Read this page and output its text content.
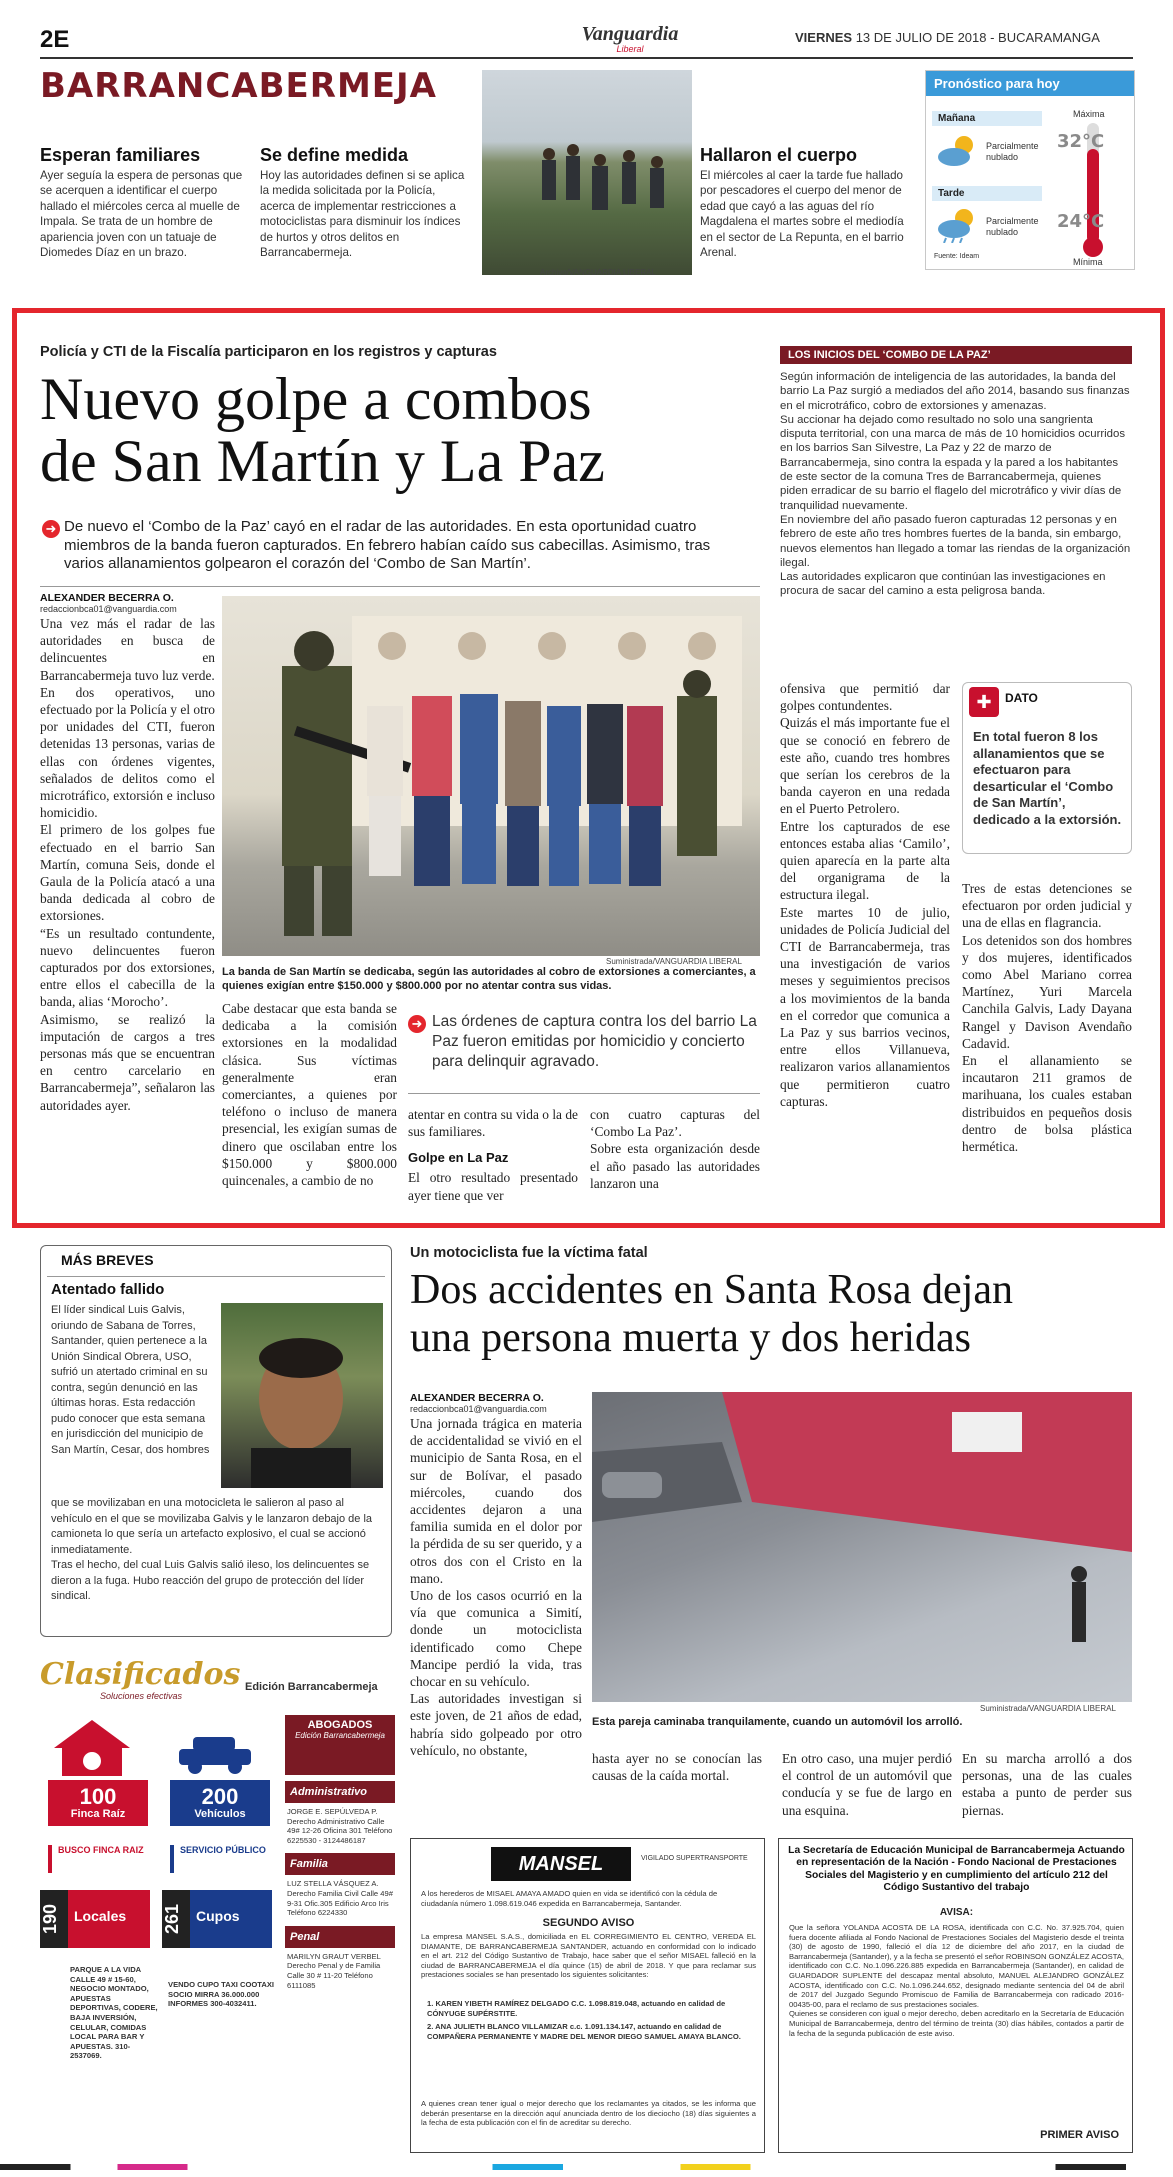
2E	Vanguardia
Liberal
VIERNES 13 DE JULIO DE 2018 - BUCARAMANGA
BARRANCABERMEJA	Pronóstico para hoy
Mañana
Parcialmente nublado
Tarde
Parcialmente nublado
Fuente: Ideam
Máxima
32°C
24°C
Mínima
Esperan familiares

Ayer seguía la espera de personas que se acerquen a identificar el cuerpo hallado el miércoles cerca al muelle de Impala. Se trata de un hombre de apariencia joven con un tatuaje de Diomedes Díaz en un brazo.

Se define medida

Hoy las autoridades definen si se aplica la medida solicitada por la Policía, acerca de implementar restricciones a motociclistas para disminuir los índices de hurtos y otros delitos en Barrancabermeja.

Archivo/VANGUARDIA LIBERAL
Hallaron el cuerpo

El miércoles al caer la tarde fue hallado por pescadores el cuerpo del menor de edad que cayó a las aguas del río Magdalena el martes sobre el mediodía en el sector de La Repunta, en el barrio Arenal.

Policía y CTI de la Fiscalía participaron en los registros y capturas
Nuevo golpe a combos
de San Martín y La Paz
➜ De nuevo el ‘Combo de la Paz’ cayó en el radar de las autoridades. En esta oportunidad cuatro miembros de la banda fueron capturados. En febrero habían caído sus cabecillas. Asimismo, tras varios allanamientos golpearon el corazón del ‘Combo de San Martín’.

ALEXANDER BECERRA O.
redaccionbca01@vanguardia.com

Una vez más el radar de las autoridades en busca de delincuentes en Barrancabermeja tuvo luz verde.
En dos operativos, uno efectuado por la Policía y el otro por unidades del CTI, fueron detenidas 13 personas, varias de ellas con órdenes vigentes, señalados de delitos como el microtráfico, extorsión e incluso homicidio.
El primero de los golpes fue efectuado en el barrio San Martín, comuna Seis, donde el Gaula de la Policía atacó a una banda dedicada al cobro de extorsiones.
“Es un resultado contundente, nuevo delincuentes fueron capturados por dos extorsiones, entre ellos el cabecilla de la banda, alias ‘Morocho’.
Asimismo, se realizó la imputación de cargos a tres personas más que se encuentran en centro carcelario en Barrancabermeja”, señalaron las autoridades ayer.

Suministrada/VANGUARDIA LIBERAL

La banda de San Martín se dedicaba, según las autoridades al cobro de extorsiones a comerciantes, a quienes exigían entre $150.000 y $800.000 por no atentar contra sus vidas.

Cabe destacar que esta banda se dedicaba a la comisión extorsiones en la modalidad clásica. Sus víctimas generalmente eran comerciantes, a quienes por teléfono o incluso de manera presencial, les exigían sumas de dinero que oscilaban entre los $150.000 y $800.000 quincenales, a cambio de no

➜ Las órdenes de captura contra los del barrio La Paz fueron emitidas por homicidio y concierto para delinquir agravado.

atentar en contra su vida o la de sus familiares.

Golpe en La Paz

El otro resultado presentado ayer tiene que ver

con cuatro capturas del ‘Combo La Paz’.
Sobre esta organización desde el año pasado las autoridades lanzaron una

ofensiva que permitió dar golpes contundentes.
Quizás el más importante fue el que se conoció en febrero de este año, cuando tres hombres que serían los cerebros de la banda cayeron en una redada en el Puerto Petrolero.
Entre los capturados de ese entonces estaba alias ‘Camilo’, quien aparecía en la parte alta del organigrama de la estructura ilegal.
Este martes 10 de julio, unidades de Policía Judicial del CTI de Barrancabermeja, tras una investigación de varios meses y seguimientos precisos a los movimientos de la banda en el corredor que comunica a La Paz y sus barrios vecinos, entre ellos Villanueva, realizaron varios allanamientos que permitieron cuatro capturas.

LOS INICIOS DEL ‘COMBO DE LA PAZ’

Según información de inteligencia de las autoridades, la banda del barrio La Paz surgió a mediados del año 2014, basando sus finanzas en el microtráfico, cobro de extorsiones y amenazas.
Su accionar ha dejado como resultado no solo una sangrienta disputa territorial, con una marca de más de 10 homicidios ocurridos en los barrios San Silvestre, La Paz y 22 de marzo de Barrancabermeja, sino contra la espada y la pared a los habitantes de este sector de la comuna Tres de Barrancabermeja, quienes piden erradicar de su barrio el flagelo del microtráfico y vivir días de tranquilidad nuevamente.
En noviembre del año pasado fueron capturadas 12 personas y en febrero de este año tres hombres fuertes de la banda, sin embargo, nuevos elementos han llegado a tomar las riendas de la organización ilegal.
Las autoridades explicaron que continúan las investigaciones en procura de sacar del camino a esta peligrosa banda.

✚	DATO

En total fueron 8 los allanamientos que se efectuaron para desarticular el ‘Combo de San Martín’, dedicado a la extorsión.

Tres de estas detenciones se efectuaron por orden judicial y una de ellas en flagrancia.
Los detenidos son dos hombres y dos mujeres, identificados como Abel Mariano correa Martínez, Yuri Marcela Canchila Galvis, Lady Dayana Rangel y Davison Avendaño Cadavid.
En el allanamiento se incautaron 211 gramos de marihuana, los cuales estaban distribuidos en pequeños dosis dentro de bolsa plástica hermética.

MÁS BREVES
Atentado fallido

El líder sindical Luis Galvis, oriundo de Sabana de Torres, Santander, quien pertenece a la Unión Sindical Obrera, USO, sufrió un atertado criminal en su contra, según denunció en las últimas horas. Esta redacción pudo conocer que esta semana en jurisdicción del municipio de San Martín, Cesar, dos hombres

que se movilizaban en una motocicleta le salieron al paso al vehículo en el que se movilizaba Galvis y le lanzaron debajo de la camioneta lo que sería un artefacto explosivo, el cual se accionó inmediatamente.
Tras el hecho, del cual Luis Galvis salió ileso, los delincuentes se dieron a la fuga. Hubo reacción del grupo de protección del líder sindical.

Un motociclista fue la víctima fatal
Dos accidentes en Santa Rosa dejan
una persona muerta y dos heridas
ALEXANDER BECERRA O.
redaccionbca01@vanguardia.com

Una jornada trágica en materia de accidentalidad se vivió en el municipio de Santa Rosa, en el sur de Bolívar, el pasado miércoles, cuando dos accidentes dejaron a una familia sumida en el dolor por la pérdida de su ser querido, y a otros dos con el Cristo en la mano.
Uno de los casos ocurrió en la vía que comunica a Simití, donde un motociclista identificado como Chepe Mancipe perdió la vida, tras chocar en su vehículo.
Las autoridades investigan si este joven, de 21 años de edad, habría sido golpeado por otro vehículo, no obstante,

Suministrada/VANGUARDIA LIBERAL

Esta pareja caminaba tranquilamente, cuando un automóvil los arrolló.

hasta ayer no se conocían las causas de la caída mortal.

En otro caso, una mujer perdió el control de un automóvil que conducía y se fue de largo en una esquina.

En su marcha arrolló a dos personas, una de las cuales estaba a punto de perder sus piernas.

Clasificados
Soluciones efectivas
Edición Barrancabermeja
100
Finca Raíz
200
Vehículos
BUSCO FINCA RAIZ	SERVICIO PÚBLICO
190	Locales 261	Cupos

PARQUE A LA VIDA CALLE 49 # 15-60, NEGOCIO MONTADO, APUESTAS DEPORTIVAS, CODERE, BAJA INVERSIÓN, CELULAR, COMIDAS LOCAL PARA BAR Y APUESTAS. 310-2537069.

VENDO CUPO TAXI COOTAXI SOCIO MIRRA 36.000.000 INFORMES 300-4032411.

ABOGADOS
Edición Barrancabermeja
Administrativo

JORGE E. SEPÚLVEDA P. Derecho Administrativo Calle 49# 12-26 Oficina 301 Teléfono 6225530 - 3124486187

Familia

LUZ STELLA VÁSQUEZ A. Derecho Familia Civil Calle 49# 9-31 Ofic.305 Edificio Arco Iris Teléfono 6224330

Penal

MARILYN GRAUT VERBEL Derecho Penal y de Familia Calle 30 # 11-20 Teléfono 6111085

MANSEL	VIGILADO SUPERTRANSPORTE

A los herederos de MISAEL AMAYA AMADO quien en vida se identificó con la cédula de ciudadanía número 1.098.619.046 expedida en Barrancabermeja, Santander.

SEGUNDO AVISO

La empresa MANSEL S.A.S., domiciliada en EL CORREGIMIENTO EL CENTRO, VEREDA EL DIAMANTE, DE BARRANCABERMEJA SANTANDER, actuando en conformidad con lo indicado en el art. 212 del Código Sustantivo de Trabajo, hace saber que el señor MISAEL falleció en la ciudad de BARRANCABERMEJA el día quince (15) de abril de 2018. Y que para reclamar sus prestaciones sociales se han presentado los siguientes solicitantes:

1. KAREN YIBETH RAMÍREZ DELGADO C.C. 1.098.819.048, actuando en calidad de CÓNYUGE SUPÉRSTITE.

2. ANA JULIETH BLANCO VILLAMIZAR c.c. 1.091.134.147, actuando en calidad de COMPAÑERA PERMANENTE Y MADRE DEL MENOR DIEGO SAMUEL AMAYA BLANCO.

A quienes crean tener igual o mejor derecho que los reclamantes ya citados, se les informa que deberán presentarse en la dirección aquí anunciada dentro de los dieciocho (18) días siguientes a la fecha de esta publicación con el fin de acreditar su derecho.

La Secretaría de Educación Municipal de Barrancabermeja Actuando en representación de la Nación - Fondo Nacional de Prestaciones Sociales del Magisterio y en cumplimiento del artículo 212 del Código Sustantivo del trabajo

AVISA:

Que la señora YOLANDA ACOSTA DE LA ROSA, identificada con C.C. No. 37.925.704, quien fuera docente afiliada al Fondo Nacional de Prestaciones Sociales del Magisterio desde el treinta (30) de agosto de 1990, falleció el día 12 de diciembre del año 2017, en la ciudad de Barrancabermeja (Santander), y a la fecha se presentó el señor ROBINSON GONZÁLEZ ACOSTA, identificado con C.C. No.1.096.226.885 expedida en Barrancabermeja (Santander), en calidad de GUARDADOR SUPLENTE del descapaz mental absoluto, MANUEL ALEJANDRO GONZÁLEZ ACOSTA, identificado con C.C. No.1.096.244.652, designado mediante sentencia del 04 de abril de 2017 del Juzgado Segundo Promiscuo de Familia de Barrancabermeja con radicado 2016-00435-00, para el reclamo de sus prestaciones sociales.
Quienes se consideren con igual o mejor derecho, deben acreditarlo en la Secretaría de Educación Municipal de Barrancabermeja, dentro del término de treinta (30) días hábiles, contados a partir de la fecha de la segunda publicación de este aviso.

PRIMER AVISO
